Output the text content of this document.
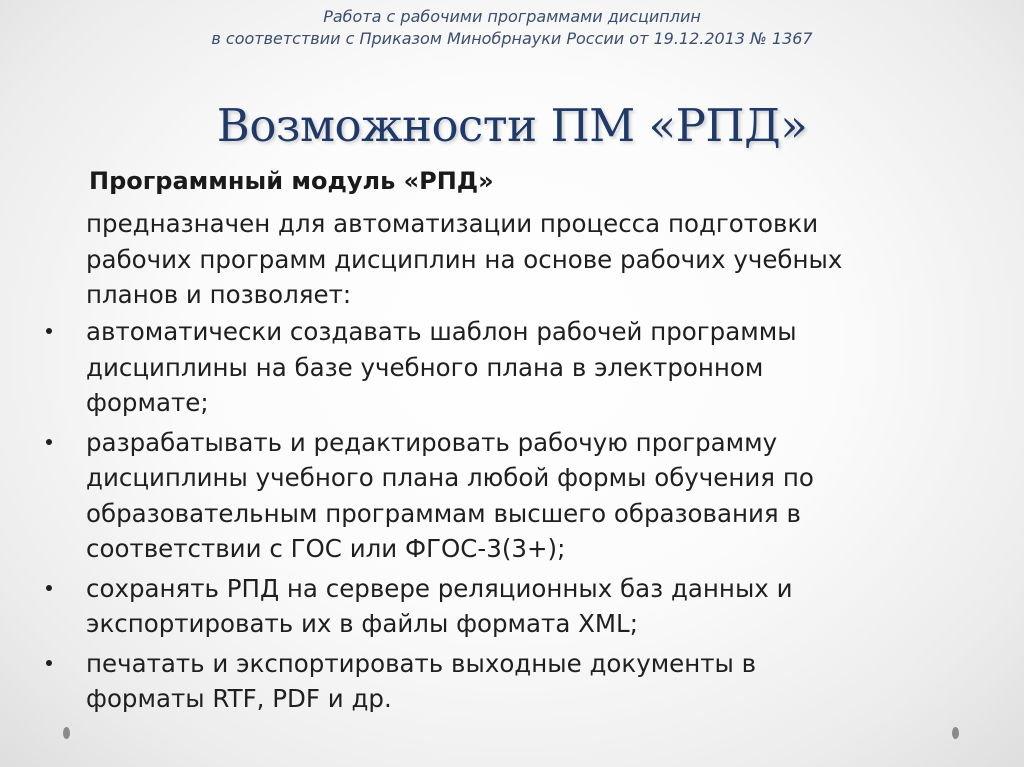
Работа с рабочими программами дисциплин
в соответствии с Приказом Минобрнауки России от 19.12.2013 № 1367
Возможности ПМ «РПД»
Программный модуль «РПД»
предназначен для автоматизации процесса подготовки
рабочих программ дисциплин на основе рабочих учебных
планов и позволяет:
автоматически создавать шаблон рабочей программы
дисциплины на базе учебного плана в электронном
формате;
разрабатывать и редактировать рабочую программу
дисциплины учебного плана любой формы обучения по
образовательным программам высшего образования в
соответствии с ГОС или ФГОС-3(3+);
сохранять РПД на сервере реляционных баз данных и
экспортировать их в файлы формата XML;
печатать и экспортировать выходные документы в
форматы RTF, PDF и др.
